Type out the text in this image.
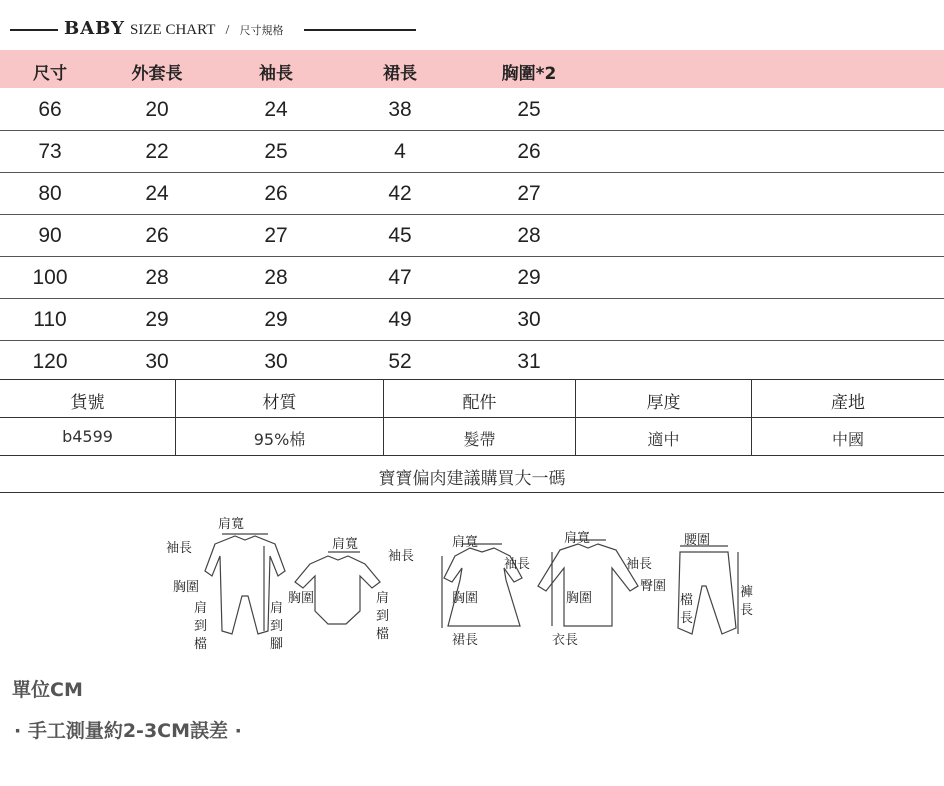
BABY SIZE CHART / 尺寸規格
尺寸	外套長	袖長	裙長	胸圍*2
66	20	24	38	25
73	22	25	4	26
80	24	26	42	27
90	26	27	45	28
100	28	28	47	29
110	29	29	49	30
120	30	30	52	31
貨號	材質	配件	厚度	產地
b4599	95%棉	髮帶	適中	中國
寶寶偏肉建議購買大一碼
肩寬
袖長
胸圍
肩
到
檔
肩
到
腳
肩寬
袖長
胸圍	肩
到
檔
肩寬
袖長
胸圍
裙長
肩寬
袖長
胸圍
衣長
腰圍
臀圍
檔
長
褲
長
單位CM
· 手工測量約2-3CM誤差 ·
